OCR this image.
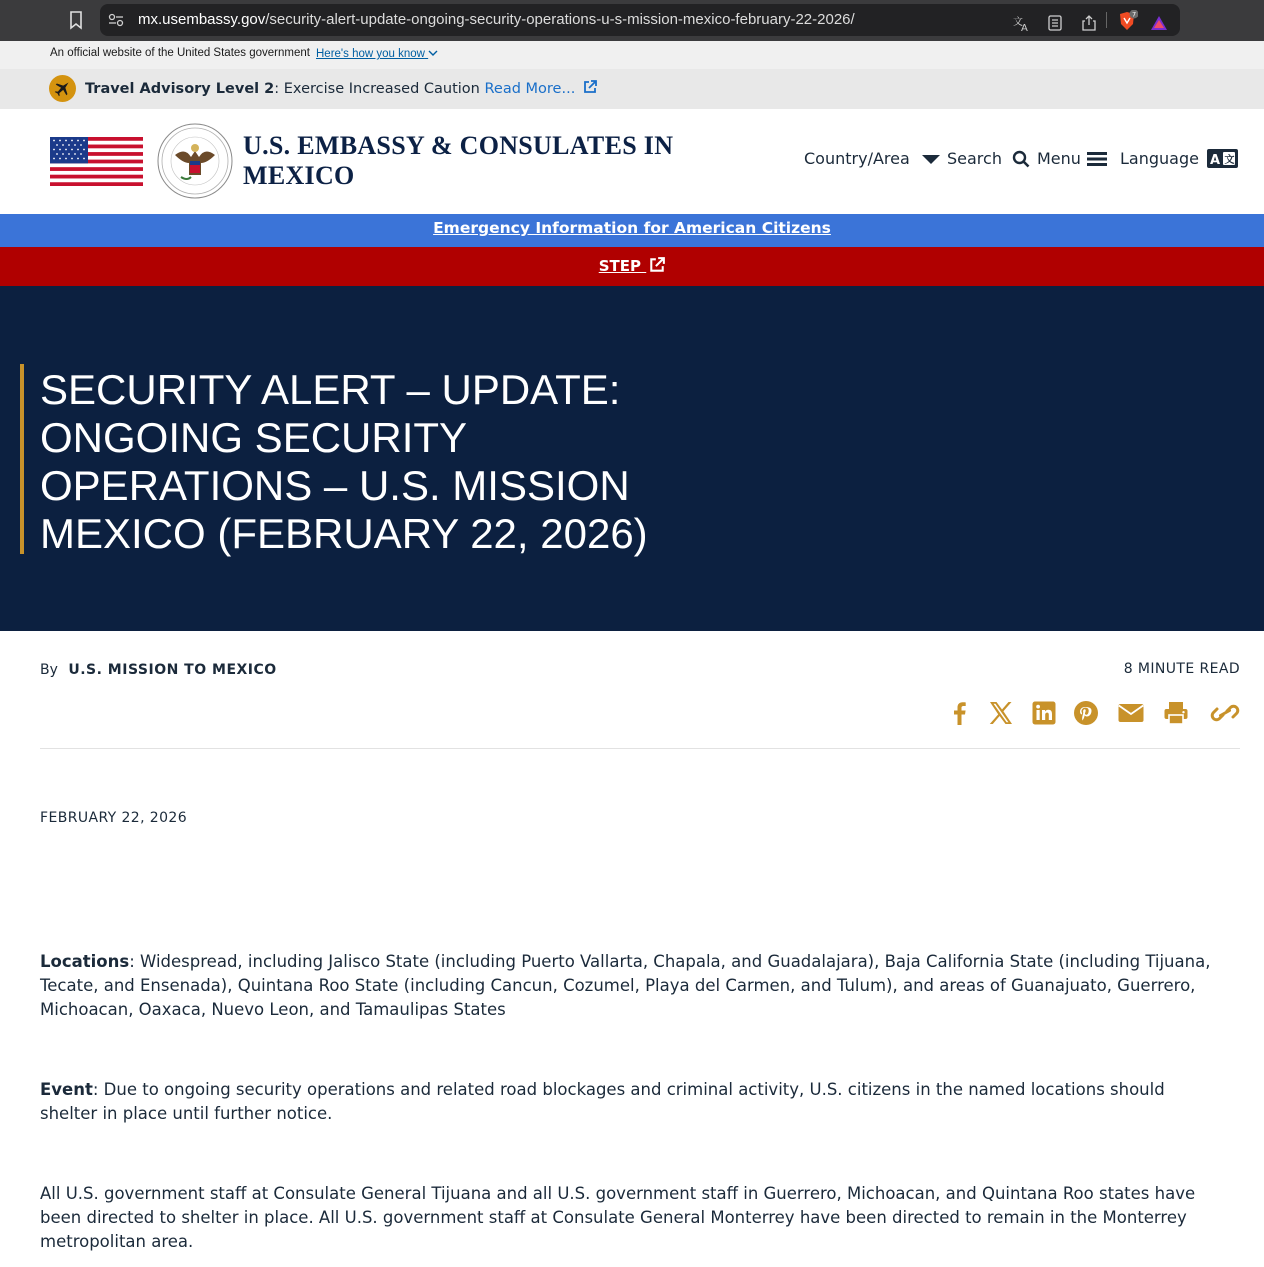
mx.usembassy.gov/security-alert-update-ongoing-security-operations-u-s-mission-mexico-february-22-2026/	文
A
7
An official website of the United States government Here's how you know
Travel Advisory Level 2: Exercise Increased Caution Read More...
U.S. EMBASSY & CONSULATES IN
MEXICO
Country/Area Search Menu Language A 文
Emergency Information for American Citizens
STEP
SECURITY ALERT – UPDATE: ONGOING SECURITY OPERATIONS – U.S. MISSION MEXICO (FEBRUARY 22, 2026)
By U.S. MISSION TO MEXICO	8 MINUTE READ
FEBRUARY 22, 2026

Locations: Widespread, including Jalisco State (including Puerto Vallarta, Chapala, and Guadalajara), Baja California State (including Tijuana, Tecate, and Ensenada), Quintana Roo State (including Cancun, Cozumel, Playa del Carmen, and Tulum), and areas of Guanajuato, Guerrero, Michoacan, Oaxaca, Nuevo Leon, and Tamaulipas States

Event: Due to ongoing security operations and related road blockages and criminal activity, U.S. citizens in the named locations should shelter in place until further notice.

All U.S. government staff at Consulate General Tijuana and all U.S. government staff in Guerrero, Michoacan, and Quintana Roo states have been directed to shelter in place. All U.S. government staff at Consulate General Monterrey have been directed to remain in the Monterrey metropolitan area.
